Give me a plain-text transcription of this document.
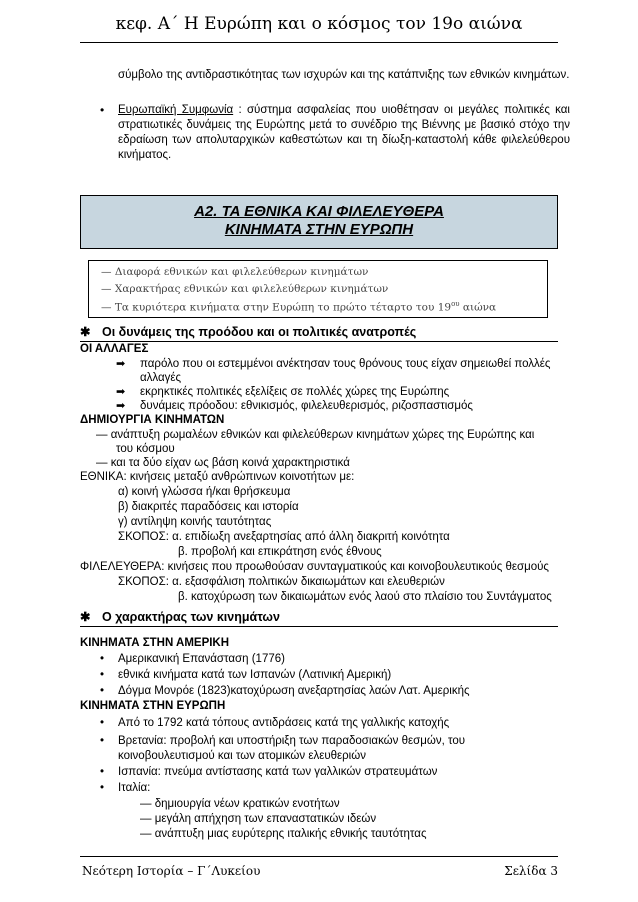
κεφ. Α΄ Η Ευρώπη και ο κόσμος τον 19ο αιώνα
σύμβολο της αντιδραστικότητας των ισχυρών και της κατάπνιξης των εθνικών κινημάτων.
• Ευρωπαϊκή Συμφωνία : σύστημα ασφαλείας που υιοθέτησαν οι μεγάλες πολιτικές και στρατιωτικές δυνάμεις της Ευρώπης μετά το συνέδριο της Βιέννης με βασικό στόχο την εδραίωση των απολυταρχικών καθεστώτων και τη δίωξη-καταστολή κάθε φιλελεύθερου κινήματος.
Α2. ΤΑ ΕΘΝΙΚΑ ΚΑΙ ΦΙΛΕΛΕΥΘΕΡΑ
ΚΙΝΗΜΑΤΑ ΣΤΗΝ ΕΥΡΩΠΗ
— Διαφορά εθνικών και φιλελεύθερων κινημάτων
— Χαρακτήρας εθνικών και φιλελεύθερων κινημάτων
— Τα κυριότερα κινήματα στην Ευρώπη το πρώτο τέταρτο του $19^{o\upsilon}$ αιώνα
✱ Οι δυνάμεις της προόδου και οι πολιτικές ανατροπές
ΟΙ ΑΛΛΑΓΕΣ
➡ παρόλο που οι εστεμμένοι ανέκτησαν τους θρόνους τους είχαν σημειωθεί πολλές
αλλαγές
➡ εκρηκτικές πολιτικές εξελίξεις σε πολλές χώρες της Ευρώπης
➡ δυνάμεις πρόοδου: εθνικισμός, φιλελευθερισμός, ριζοσπαστισμός
ΔΗΜΙΟΥΡΓΙΑ ΚΙΝΗΜΑΤΩΝ
— ανάπτυξη ρωμαλέων εθνικών και φιλελεύθερων κινημάτων χώρες της Ευρώπης και
του κόσμου
— και τα δύο είχαν ως βάση κοινά χαρακτηριστικά
ΕΘΝΙΚΑ: κινήσεις μεταξύ ανθρώπινων κοινοτήτων με:
α) κοινή γλώσσα ή/και θρήσκευμα
β) διακριτές παραδόσεις και ιστορία
γ) αντίληψη κοινής ταυτότητας
ΣΚΟΠΟΣ: α. επιδίωξη ανεξαρτησίας από άλλη διακριτή κοινότητα
β. προβολή και επικράτηση ενός έθνους
ΦΙΛΕΛΕΥΘΕΡΑ: κινήσεις που προωθούσαν συνταγματικούς και κοινοβουλευτικούς θεσμούς
ΣΚΟΠΟΣ: α. εξασφάλιση πολιτικών δικαιωμάτων και ελευθεριών
β. κατοχύρωση των δικαιωμάτων ενός λαού στο πλαίσιο του Συντάγματος
✱ Ο χαρακτήρας των κινημάτων
ΚΙΝΗΜΑΤΑ ΣΤΗΝ ΑΜΕΡΙΚΗ
• Αμερικανική Επανάσταση (1776)
• εθνικά κινήματα κατά των Ισπανών (Λατινική Αμερική)
• Δόγμα Μονρόε (1823)κατοχύρωση ανεξαρτησίας λαών Λατ. Αμερικής
ΚΙΝΗΜΑΤΑ ΣΤΗΝ ΕΥΡΩΠΗ
• Από το 1792 κατά τόπους αντιδράσεις κατά της γαλλικής κατοχής
• Βρετανία: προβολή και υποστήριξη των παραδοσιακών θεσμών, του
κοινοβουλευτισμού και των ατομικών ελευθεριών
• Ισπανία: πνεύμα αντίστασης κατά των γαλλικών στρατευμάτων
• Ιταλία:
— δημιουργία νέων κρατικών ενοτήτων
— μεγάλη απήχηση των επαναστατικών ιδεών
— ανάπτυξη μιας ευρύτερης ιταλικής εθνικής ταυτότητας
Νεότερη Ιστορία – Γ΄Λυκείου	Σελίδα 3
